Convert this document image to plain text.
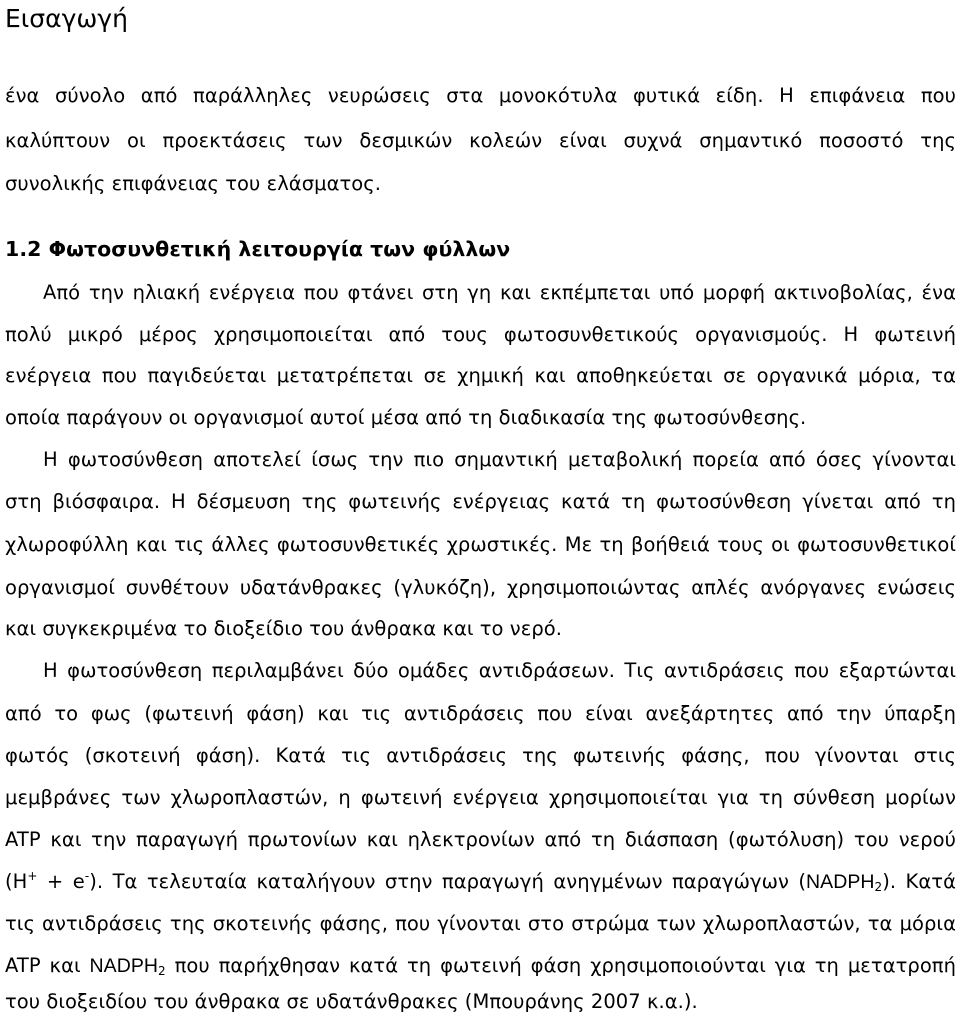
Εισαγωγή
ένα σύνολο από παράλληλες νευρώσεις στα μονοκότυλα φυτικά είδη. Η επιφάνεια που
καλύπτουν οι προεκτάσεις των δεσμικών κολεών είναι συχνά σημαντικό ποσοστό της
συνολικής επιφάνειας του ελάσματος.
1.2 Φωτοσυνθετική λειτουργία των φύλλων
Από την ηλιακή ενέργεια που φτάνει στη γη και εκπέμπεται υπό μορφή ακτινοβολίας, ένα
πολύ μικρό μέρος χρησιμοποιείται από τους φωτοσυνθετικούς οργανισμούς. Η φωτεινή
ενέργεια που παγιδεύεται μετατρέπεται σε χημική και αποθηκεύεται σε οργανικά μόρια, τα
οποία παράγουν οι οργανισμοί αυτοί μέσα από τη διαδικασία της φωτοσύνθεσης.
Η φωτοσύνθεση αποτελεί ίσως την πιο σημαντική μεταβολική πορεία από όσες γίνονται
στη βιόσφαιρα. Η δέσμευση της φωτεινής ενέργειας κατά τη φωτοσύνθεση γίνεται από τη
χλωροφύλλη και τις άλλες φωτοσυνθετικές χρωστικές. Με τη βοήθειά τους οι φωτοσυνθετικοί
οργανισμοί συνθέτουν υδατάνθρακες (γλυκόζη), χρησιμοποιώντας απλές ανόργανες ενώσεις
και συγκεκριμένα το διοξείδιο του άνθρακα και το νερό.
Η φωτοσύνθεση περιλαμβάνει δύο ομάδες αντιδράσεων. Τις αντιδράσεις που εξαρτώνται
από το φως (φωτεινή φάση) και τις αντιδράσεις που είναι ανεξάρτητες από την ύπαρξη
φωτός (σκοτεινή φάση). Κατά τις αντιδράσεις της φωτεινής φάσης, που γίνονται στις
μεμβράνες των χλωροπλαστών, η φωτεινή ενέργεια χρησιμοποιείται για τη σύνθεση μορίων
ATP και την παραγωγή πρωτονίων και ηλεκτρονίων από τη διάσπαση (φωτόλυση) του νερού
(H+ + e-). Τα τελευταία καταλήγουν στην παραγωγή ανηγμένων παραγώγων $(NADPH_2)$. Κατά
τις αντιδράσεις της σκοτεινής φάσης, που γίνονται στο στρώμα των χλωροπλαστών, τα μόρια
ATP και $NADPH_2$ που παρήχθησαν κατά τη φωτεινή φάση χρησιμοποιούνται για τη μετατροπή
του διοξειδίου του άνθρακα σε υδατάνθρακες (Μπουράνης 2007 κ.α.).
